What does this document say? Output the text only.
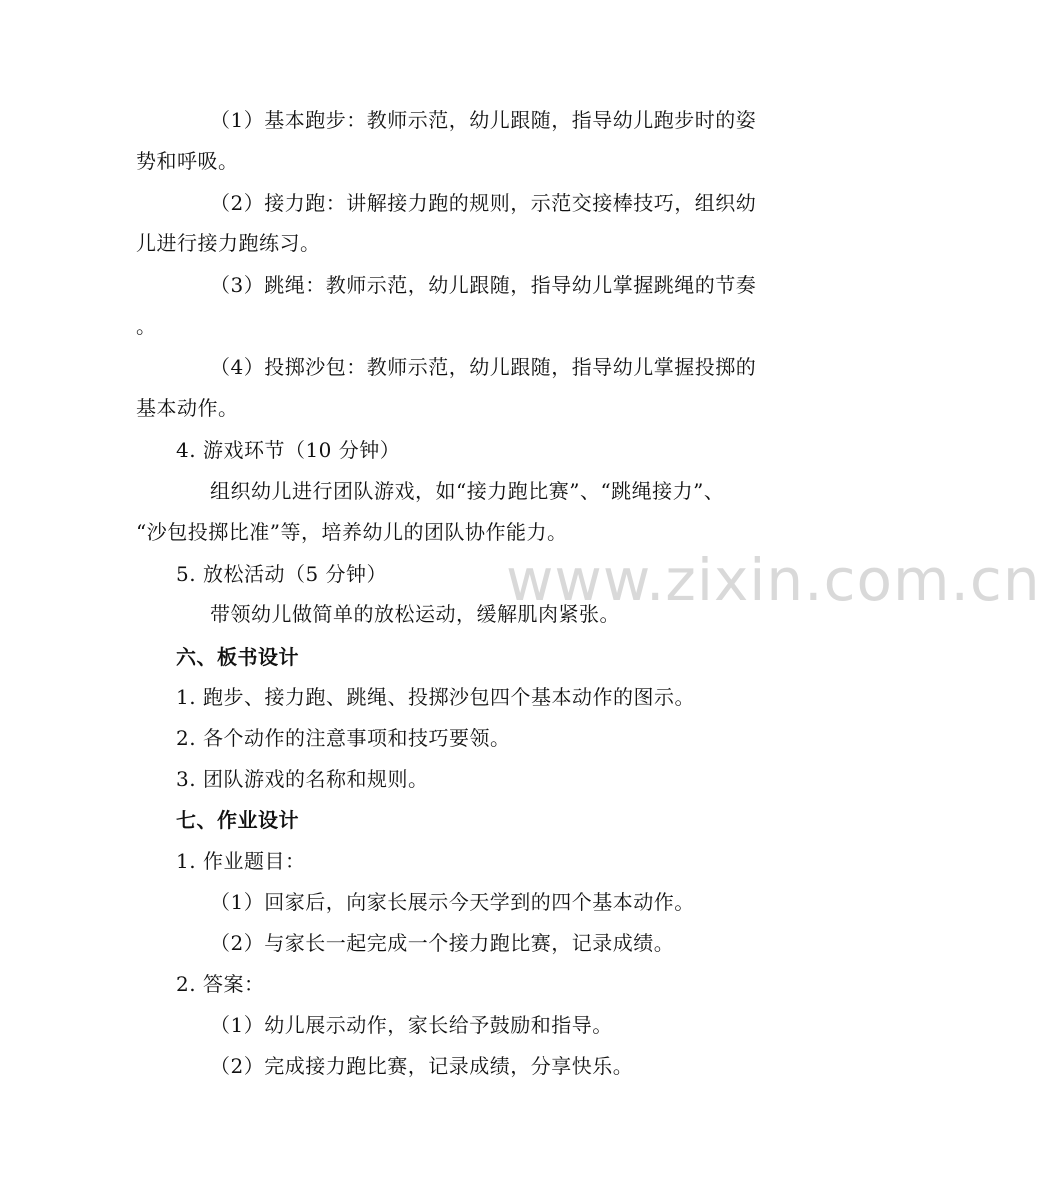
（1）基本跑步：教师示范，幼儿跟随，指导幼儿跑步时的姿
势和呼吸。
（2）接力跑：讲解接力跑的规则，示范交接棒技巧，组织幼
儿进行接力跑练习。
（3）跳绳：教师示范，幼儿跟随，指导幼儿掌握跳绳的节奏
。
（4）投掷沙包：教师示范，幼儿跟随，指导幼儿掌握投掷的
基本动作。
4. 游戏环节（10 分钟）
组织幼儿进行团队游戏，如“接力跑比赛”、“跳绳接力”、
“沙包投掷比准”等，培养幼儿的团队协作能力。
5. 放松活动（5 分钟）
带领幼儿做简单的放松运动，缓解肌肉紧张。
六、板书设计
1. 跑步、接力跑、跳绳、投掷沙包四个基本动作的图示。
2. 各个动作的注意事项和技巧要领。
3. 团队游戏的名称和规则。
七、作业设计
1. 作业题目：
（1）回家后，向家长展示今天学到的四个基本动作。
（2）与家长一起完成一个接力跑比赛，记录成绩。
2. 答案：
（1）幼儿展示动作，家长给予鼓励和指导。
（2）完成接力跑比赛，记录成绩，分享快乐。
www.zixin.com.cn
